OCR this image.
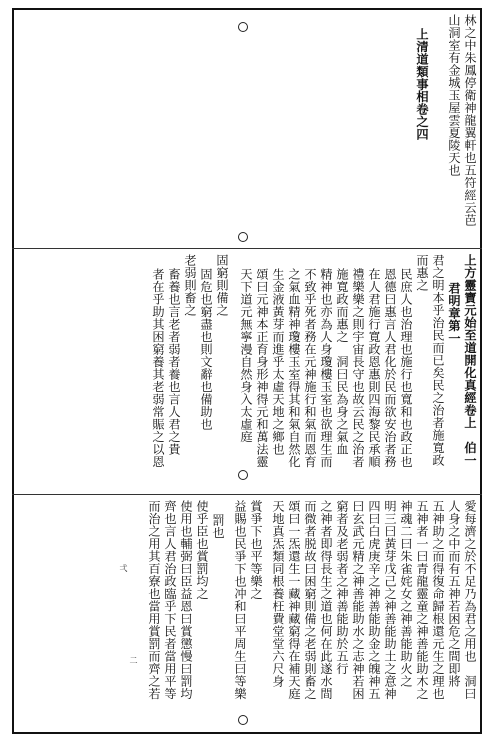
林之中朱鳳停衛神龍翼軒也五符經云芭
山洞室有金城玉屋雲夏陵天也
上清道類事相卷之四
上方靈寶元始至道開化真經卷上　伯一
君明章第一
君之明本乎治民而已矣民之治者施寬政
而惠之
民庶人也治理也施行也寬和也政正也
恩德曰惠言人君化於民而欲安治者務
在人君施行寬政恩惠則四海黎民承順
禮樂樂之則宇宙長守也故云民之治者
施寬政而惠之　洞曰民為身之氣血
精神也亦為人身瓊樓玉室也欲理生而
不致乎死者務在元神施行和氣而恩育
之氣血精神瓊樓玉室得其和氣自然化
生金液黃芽而進乎太虛天地之鄉也
頌曰元神本正育身形神得元和萬法靈
天下道元無寧漫自然身入太虛庭
固窮則備之
固危也窮盡也則文辭也備助也
老弱則畜之
畜養也言老者弱者養也言人君之貴
者在乎助其困窮養其老弱常賑之以恩
愛每濟之於不足乃為君之用也　洞曰
人身之中而有五神若困危之間即將
五神助之而得復命歸根還元生之理也
五神者一曰青龍靈童之神善能助木之
神魂二曰朱雀姹女之神善能助火之
明三曰黃芽戊己之神善能助土之意神
四曰白虎庚辛之神善能助金之魄神五
曰玄武元精之神善能助水之志神若困
窮者及老弱者之神善能助於五行
之神者即得長生之道也何在此遂水間
而微者脱故曰困窮則備之老弱則畜之
頌曰一炁還生一藏神藏窮得在補天庭
天地真炁類同根養枉費堂堂六尺身
賞爭下也平等樂之
益賜也民爭下也冲和曰平周生曰等樂
罰也
使乎臣也賞罰均之
使用也輔弼曰臣益恩曰賞懲慢曰罰均
齊也言人君治政臨乎下民者當用平等
而治之用其百寮也當用賞罰而齊之若
弌
二
